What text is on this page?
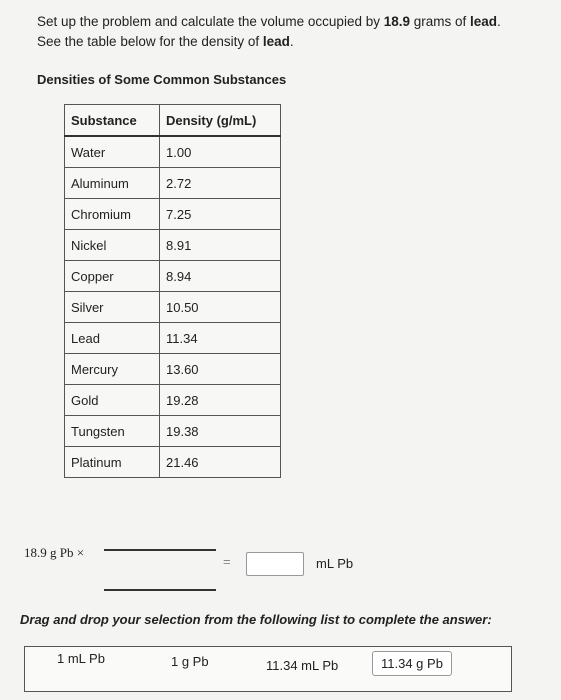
Set up the problem and calculate the volume occupied by 18.9 grams of lead.
See the table below for the density of lead.
Densities of Some Common Substances
Substance	Density (g/mL)
Water	1.00
Aluminum	2.72
Chromium	7.25
Nickel	8.91
Copper	8.94
Silver	10.50
Lead	11.34
Mercury	13.60
Gold	19.28
Tungsten	19.38
Platinum	21.46
18.9 g Pb ×
=	mL Pb
Drag and drop your selection from the following list to complete the answer:
1 mL Pb	1 g Pb	11.34 mL Pb	11.34 g Pb
